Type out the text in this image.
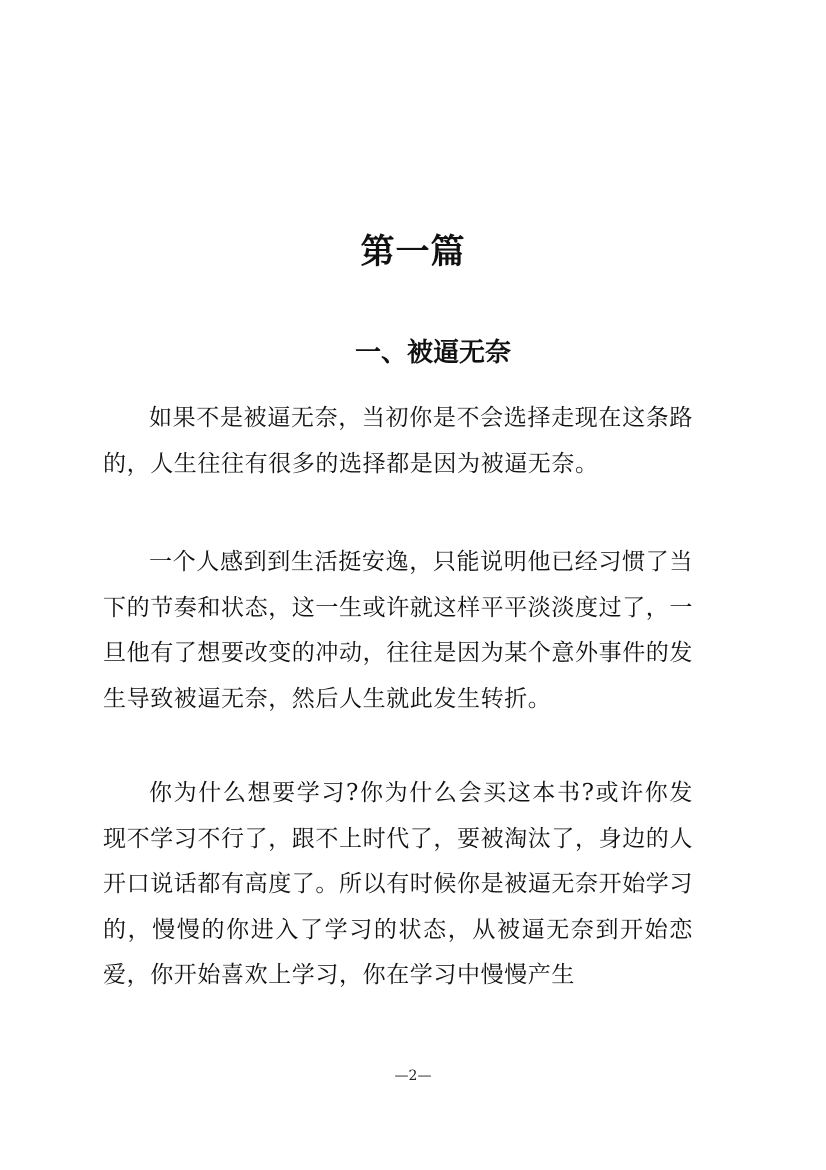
第一篇
一、被逼无奈

如果不是被逼无奈，当初你是不会选择走现在这条路的，人生往往有很多的选择都是因为被逼无奈。

一个人感到到生活挺安逸，只能说明他已经习惯了当下的节奏和状态，这一生或许就这样平平淡淡度过了，一旦他有了想要改变的冲动，往往是因为某个意外事件的发生导致被逼无奈，然后人生就此发生转折。

你为什么想要学习?你为什么会买这本书?或许你发现不学习不行了，跟不上时代了，要被淘汰了，身边的人开口说话都有高度了。所以有时候你是被逼无奈开始学习的，慢慢的你进入了学习的状态，从被逼无奈到开始恋爱，你开始喜欢上学习，你在学习中慢慢产生

—2—
